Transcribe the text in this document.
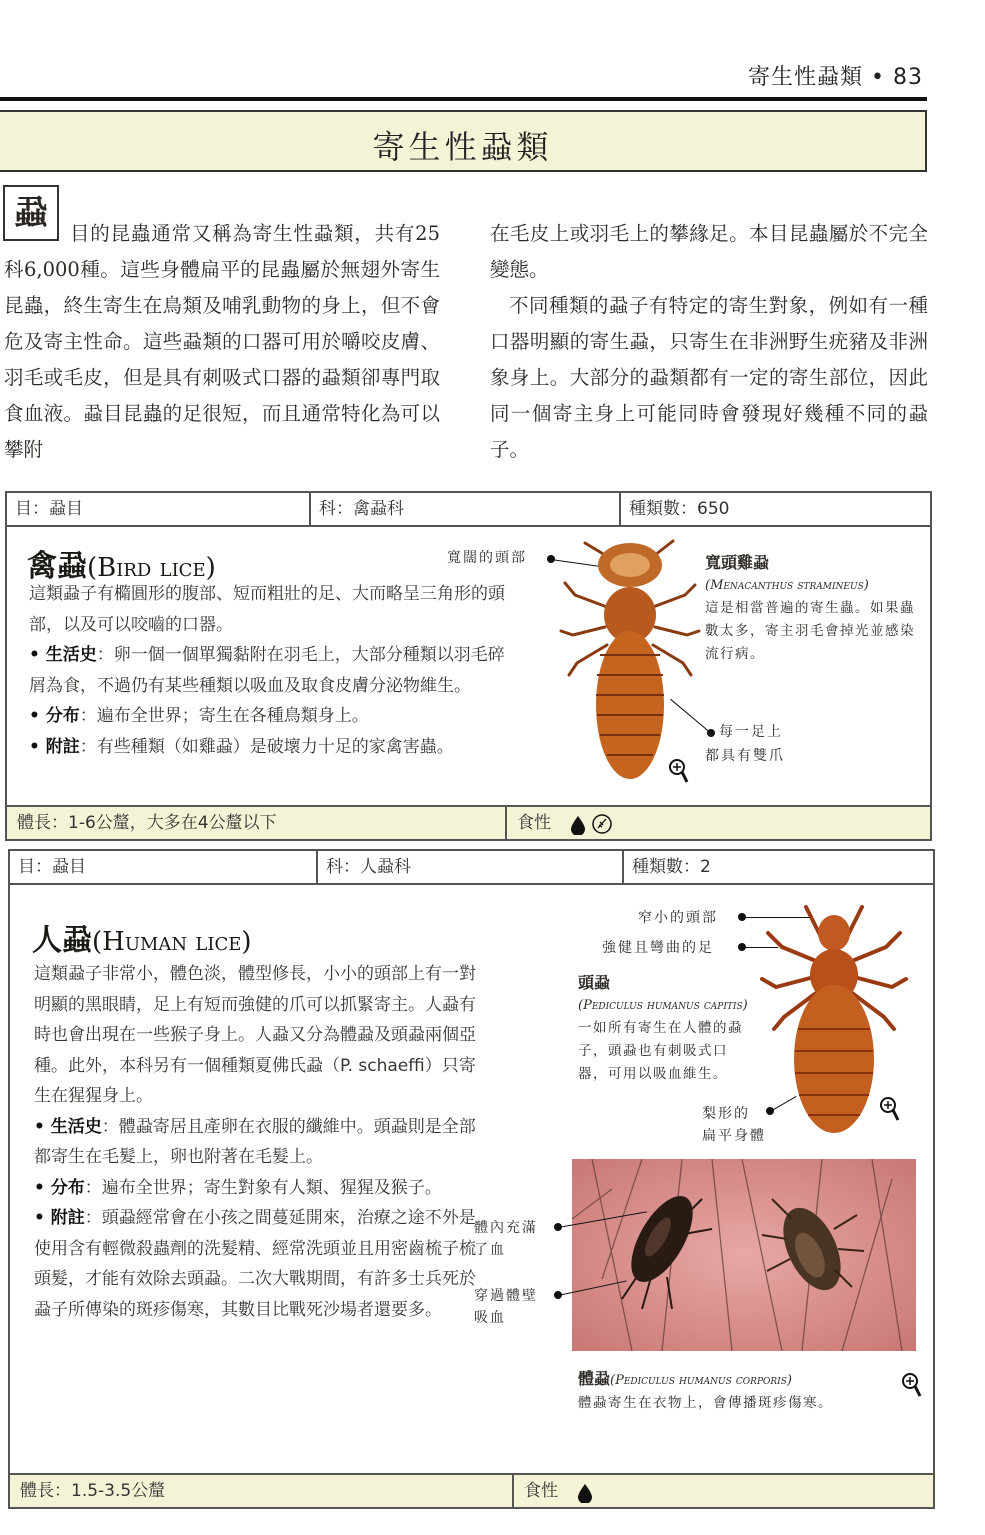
寄生性蝨類 • 83
寄生性蝨類
蝨
目的昆蟲通常又稱為寄生性蝨類，共有25科6,000種。這些身體扁平的昆蟲屬於無翅外寄生昆蟲，終生寄生在鳥類及哺乳動物的身上，但不會危及寄主性命。這些蝨類的口器可用於嚼咬皮膚、羽毛或毛皮，但是具有刺吸式口器的蝨類卻專門取食血液。蝨目昆蟲的足很短，而且通常特化為可以攀附

在毛皮上或羽毛上的攀緣足。本目昆蟲屬於不完全變態。

不同種類的蝨子有特定的寄生對象，例如有一種口器明顯的寄生蝨，只寄生在非洲野生疣豬及非洲象身上。大部分的蝨類都有一定的寄生部位，因此同一個寄主身上可能同時會發現好幾種不同的蝨子。

目：蝨目	科：禽蝨科	種類數：650
禽蝨(Bird lice)
這類蝨子有橢圓形的腹部、短而粗壯的足、大而略呈三角形的頭部，以及可以咬嚙的口器。
• 生活史：卵一個一個單獨黏附在羽毛上，大部分種類以羽毛碎屑為食，不過仍有某些種類以吸血及取食皮膚分泌物維生。
• 分布：遍布全世界；寄生在各種鳥類身上。
• 附註：有些種類（如雞蝨）是破壞力十足的家禽害蟲。
寬闊的頭部
每一足上
都具有雙爪
寬頭雞蝨
(Menacanthus stramineus)
這是相當普遍的寄生蟲。如果蟲數太多，寄主羽毛會掉光並感染流行病。
體長：1-6公釐，大多在4公釐以下	食性
目：蝨目	科：人蝨科	種類數：2
人蝨(Human lice)
這類蝨子非常小，體色淡，體型修長，小小的頭部上有一對明顯的黑眼睛，足上有短而強健的爪可以抓緊寄主。人蝨有時也會出現在一些猴子身上。人蝨又分為體蝨及頭蝨兩個亞種。此外，本科另有一個種類夏佛氏蝨（P. schaeffi）只寄生在猩猩身上。
• 生活史：體蝨寄居且產卵在衣服的纖維中。頭蝨則是全部都寄生在毛髮上，卵也附著在毛髮上。
• 分布：遍布全世界；寄生對象有人類、猩猩及猴子。
• 附註：頭蝨經常會在小孩之間蔓延開來，治療之途不外是使用含有輕微殺蟲劑的洗髮精、經常洗頭並且用密齒梳子梳頭髮，才能有效除去頭蝨。二次大戰期間，有許多士兵死於蝨子所傳染的斑疹傷寒，其數目比戰死沙場者還要多。
窄小的頭部
強健且彎曲的足
梨形的
扁平身體
頭蝨
(Pediculus humanus capitis)
一如所有寄生在人體的蝨子，頭蝨也有刺吸式口器，可用以吸血維生。
體內充滿
了血
穿過體壁
吸血
體蝨(Pediculus humanus corporis)
體蝨寄生在衣物上，會傳播斑疹傷寒。
體長：1.5-3.5公釐	食性
